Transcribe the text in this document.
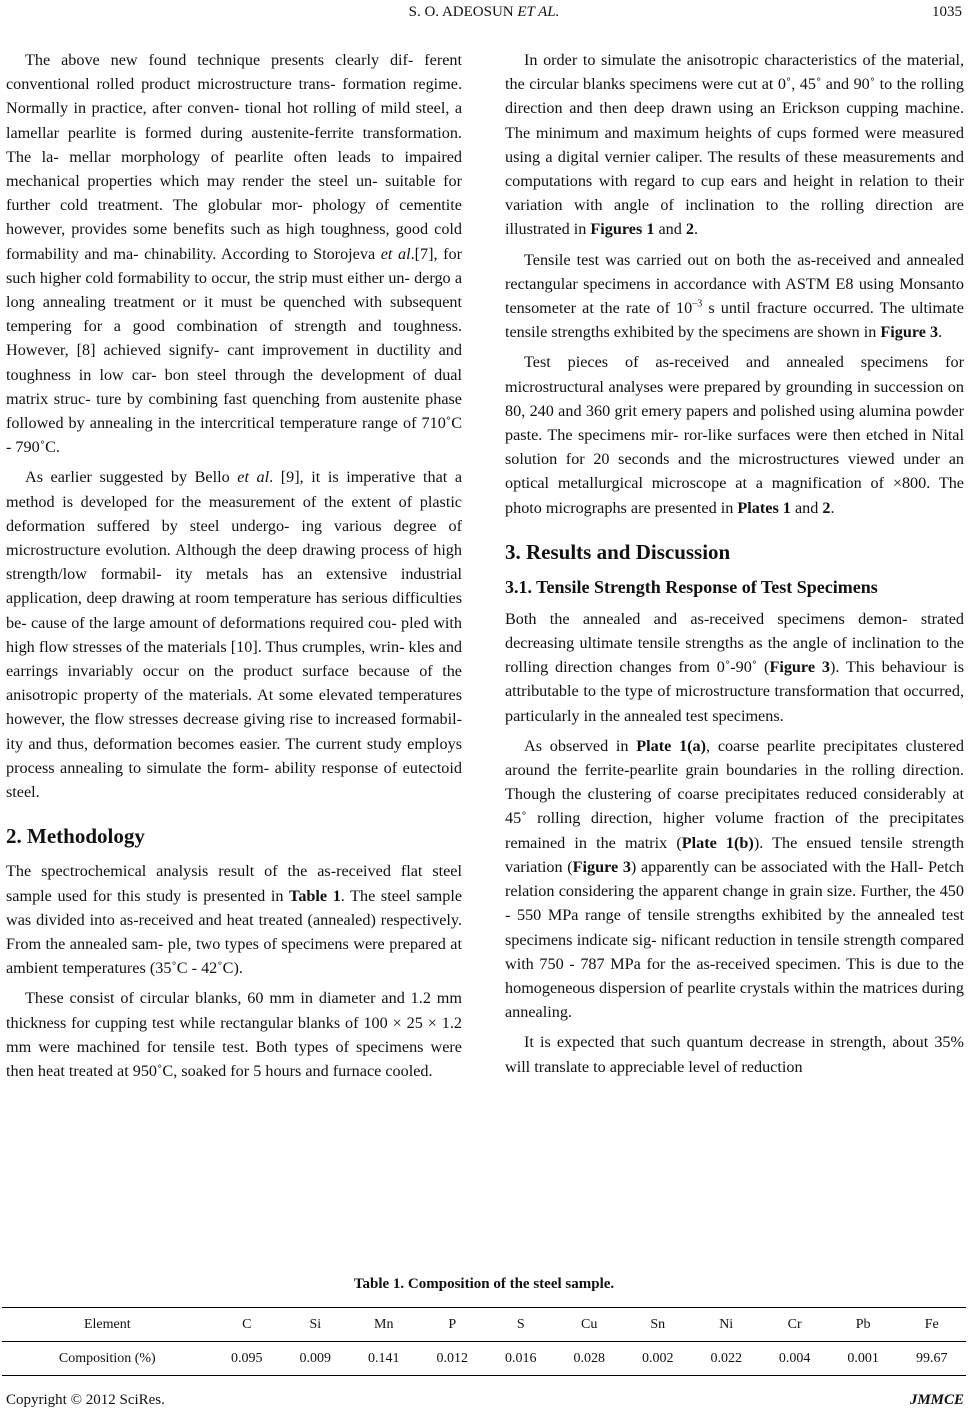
S. O. ADEOSUN ET AL.	1035

The above new found technique presents clearly dif- ferent conventional rolled product microstructure trans- formation regime. Normally in practice, after conven- tional hot rolling of mild steel, a lamellar pearlite is formed during austenite-ferrite transformation. The la- mellar morphology of pearlite often leads to impaired mechanical properties which may render the steel un- suitable for further cold treatment. The globular mor- phology of cementite however, provides some benefits such as high toughness, good cold formability and ma- chinability. According to Storojeva et al.[7], for such higher cold formability to occur, the strip must either un- dergo a long annealing treatment or it must be quenched with subsequent tempering for a good combination of strength and toughness. However, [8] achieved signify- cant improvement in ductility and toughness in low car- bon steel through the development of dual matrix struc- ture by combining fast quenching from austenite phase followed by annealing in the intercritical temperature range of 710˚C - 790˚C.

As earlier suggested by Bello et al. [9], it is imperative that a method is developed for the measurement of the extent of plastic deformation suffered by steel undergo- ing various degree of microstructure evolution. Although the deep drawing process of high strength/low formabil- ity metals has an extensive industrial application, deep drawing at room temperature has serious difficulties be- cause of the large amount of deformations required cou- pled with high flow stresses of the materials [10]. Thus crumples, wrin- kles and earrings invariably occur on the product surface because of the anisotropic property of the materials. At some elevated temperatures however, the flow stresses decrease giving rise to increased formabil- ity and thus, deformation becomes easier. The current study employs process annealing to simulate the form- ability response of eutectoid steel.

2. Methodology

The spectrochemical analysis result of the as-received flat steel sample used for this study is presented in Table 1. The steel sample was divided into as-received and heat treated (annealed) respectively. From the annealed sam- ple, two types of specimens were prepared at ambient temperatures (35˚C - 42˚C).

These consist of circular blanks, 60 mm in diameter and 1.2 mm thickness for cupping test while rectangular blanks of 100 × 25 × 1.2 mm were machined for tensile test. Both types of specimens were then heat treated at 950˚C, soaked for 5 hours and furnace cooled.

In order to simulate the anisotropic characteristics of the material, the circular blanks specimens were cut at 0˚, 45˚ and 90˚ to the rolling direction and then deep drawn using an Erickson cupping machine. The minimum and maximum heights of cups formed were measured using a digital vernier caliper. The results of these measurements and computations with regard to cup ears and height in relation to their variation with angle of inclination to the rolling direction are illustrated in Figures 1 and 2.

Tensile test was carried out on both the as-received and annealed rectangular specimens in accordance with ASTM E8 using Monsanto tensometer at the rate of $10^{-3}$ s until fracture occurred. The ultimate tensile strengths exhibited by the specimens are shown in Figure 3.

Test pieces of as-received and annealed specimens for microstructural analyses were prepared by grounding in succession on 80, 240 and 360 grit emery papers and polished using alumina powder paste. The specimens mir- ror-like surfaces were then etched in Nital solution for 20 seconds and the microstructures viewed under an optical metallurgical microscope at a magnification of ×800. The photo micrographs are presented in Plates 1 and 2.

3. Results and Discussion
3.1. Tensile Strength Response of Test Specimens

Both the annealed and as-received specimens demon- strated decreasing ultimate tensile strengths as the angle of inclination to the rolling direction changes from 0˚-90˚ (Figure 3). This behaviour is attributable to the type of microstructure transformation that occurred, particularly in the annealed test specimens.

As observed in Plate 1(a), coarse pearlite precipitates clustered around the ferrite-pearlite grain boundaries in the rolling direction. Though the clustering of coarse precipitates reduced considerably at 45˚ rolling direction, higher volume fraction of the precipitates remained in the matrix (Plate 1(b)). The ensued tensile strength variation (Figure 3) apparently can be associated with the Hall- Petch relation considering the apparent change in grain size. Further, the 450 - 550 MPa range of tensile strengths exhibited by the annealed test specimens indicate sig- nificant reduction in tensile strength compared with 750 - 787 MPa for the as-received specimen. This is due to the homogeneous dispersion of pearlite crystals within the matrices during annealing.

It is expected that such quantum decrease in strength, about 35% will translate to appreciable level of reduction

Table 1. Composition of the steel sample.
Element	C	Si	Mn	P	S	Cu	Sn	Ni	Cr	Pb	Fe
Composition (%)	0.095	0.009	0.141	0.012	0.016	0.028	0.002	0.022	0.004	0.001	99.67
Copyright © 2012 SciRes.	JMMCE
